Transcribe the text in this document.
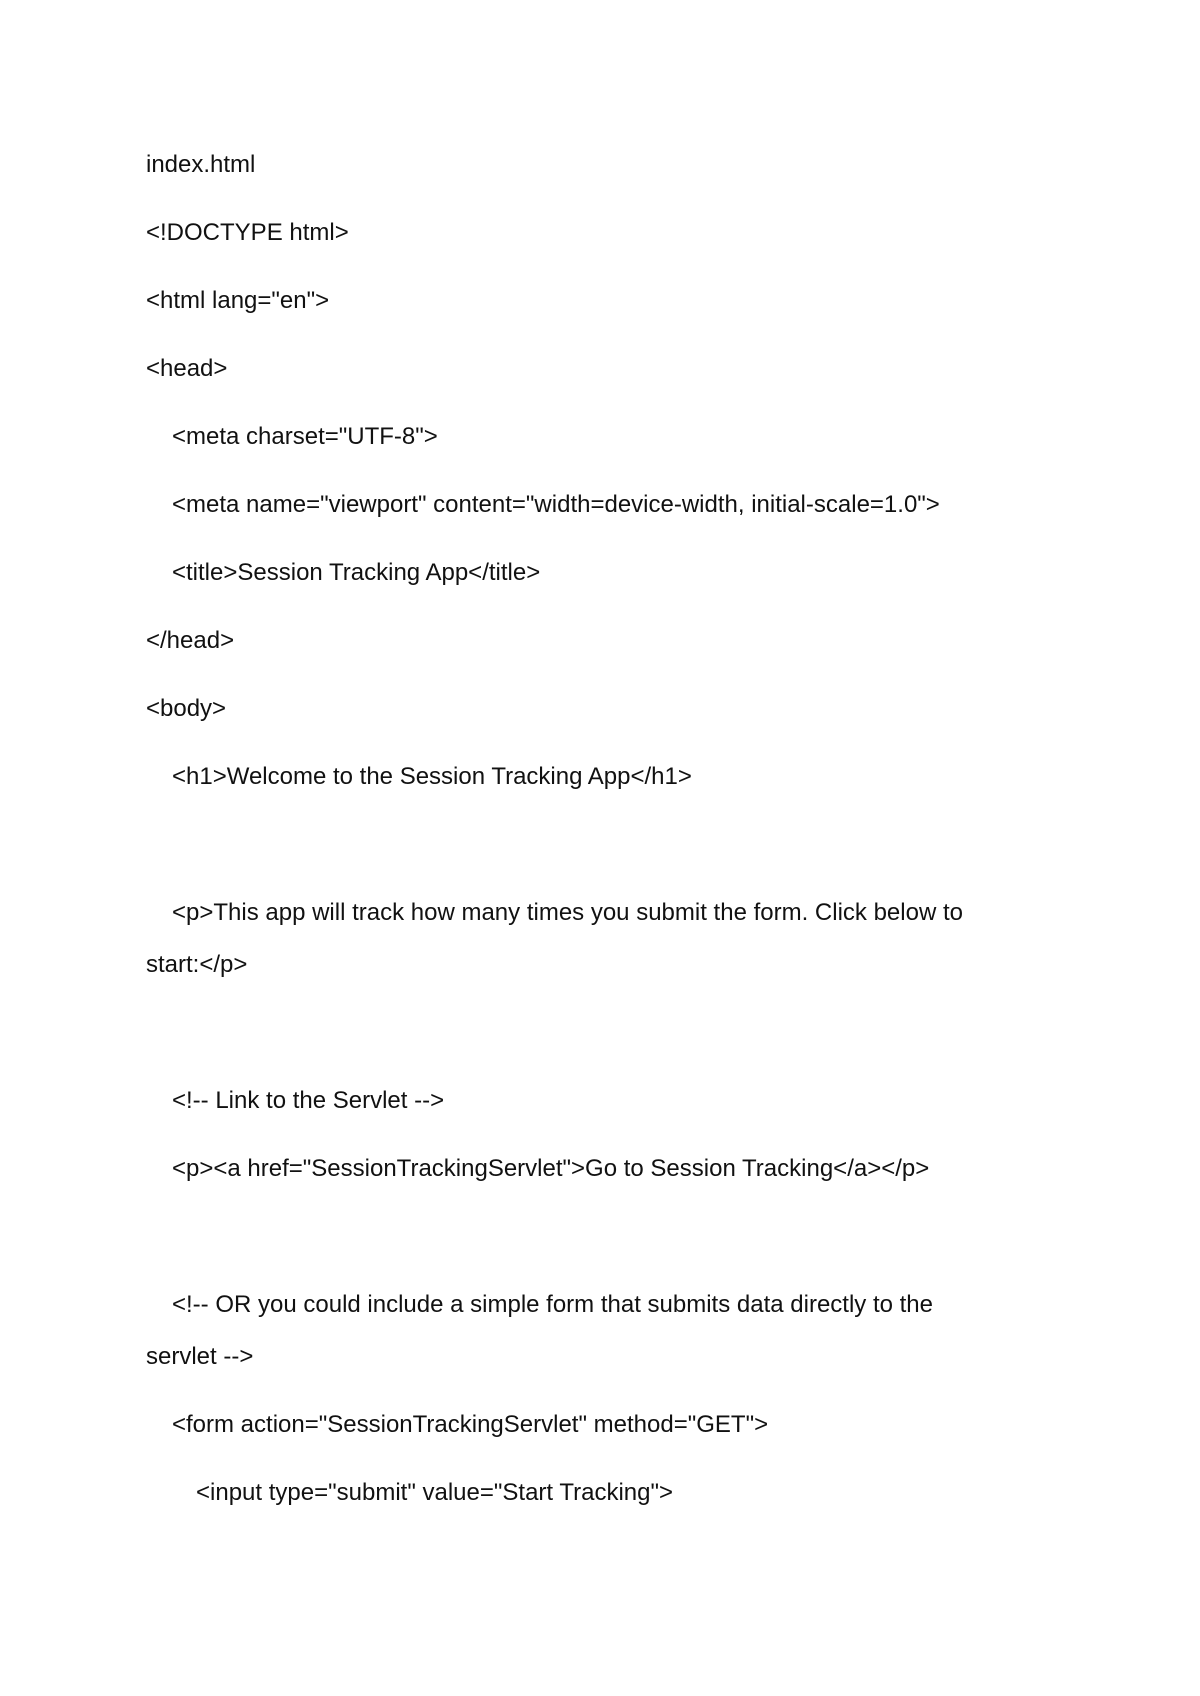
index.html
<!DOCTYPE html>
<html lang="en">
<head>
<meta charset="UTF-8">
<meta name="viewport" content="width=device-width, initial-scale=1.0">
<title>Session Tracking App</title>
</head>
<body>
<h1>Welcome to the Session Tracking App</h1>
<p>This app will track how many times you submit the form. Click below to
start:</p>
<!-- Link to the Servlet -->
<p><a href="SessionTrackingServlet">Go to Session Tracking</a></p>
<!-- OR you could include a simple form that submits data directly to the
servlet -->
<form action="SessionTrackingServlet" method="GET">
<input type="submit" value="Start Tracking">
